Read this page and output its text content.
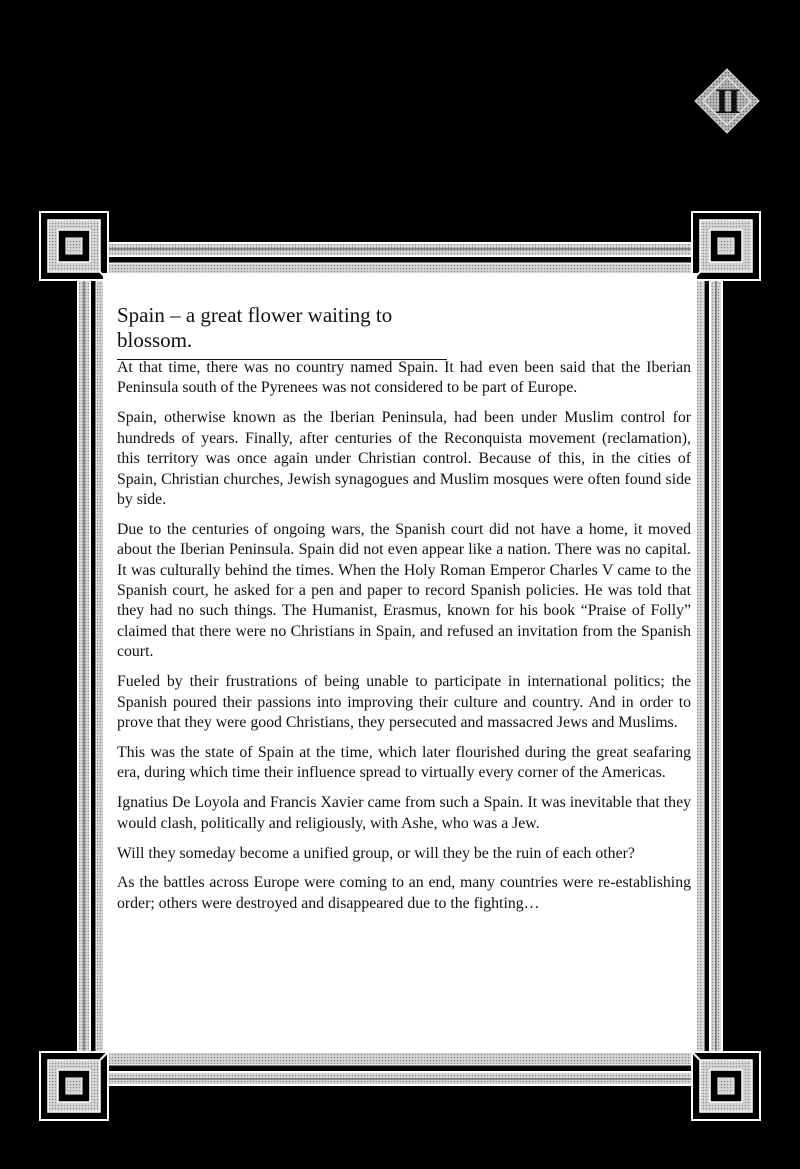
II
Spain – a great flower waiting to blossom.

At that time, there was no country named Spain. It had even been said that the Iberian Peninsula south of the Pyrenees was not considered to be part of Europe.

Spain, otherwise known as the Iberian Peninsula, had been under Muslim control for hundreds of years. Finally, after centuries of the Reconquista movement (reclamation), this territory was once again under Christian control. Because of this, in the cities of Spain, Christian churches, Jewish synagogues and Muslim mosques were often found side by side.

Due to the centuries of ongoing wars, the Spanish court did not have a home, it moved about the Iberian Peninsula. Spain did not even appear like a nation. There was no capital. It was culturally behind the times. When the Holy Roman Emperor Charles V came to the Spanish court, he asked for a pen and paper to record Spanish policies. He was told that they had no such things. The Humanist, Erasmus, known for his book “Praise of Folly” claimed that there were no Christians in Spain, and refused an invitation from the Spanish court.

Fueled by their frustrations of being unable to participate in international politics; the Spanish poured their passions into improving their culture and country. And in order to prove that they were good Christians, they persecuted and massacred Jews and Muslims.

This was the state of Spain at the time, which later flourished during the great seafaring era, during which time their influence spread to virtually every corner of the Americas.

Ignatius De Loyola and Francis Xavier came from such a Spain. It was inevitable that they would clash, politically and religiously, with Ashe, who was a Jew.

Will they someday become a unified group, or will they be the ruin of each other?

As the battles across Europe were coming to an end, many countries were re-establishing order; others were destroyed and disappeared due to the fighting…
